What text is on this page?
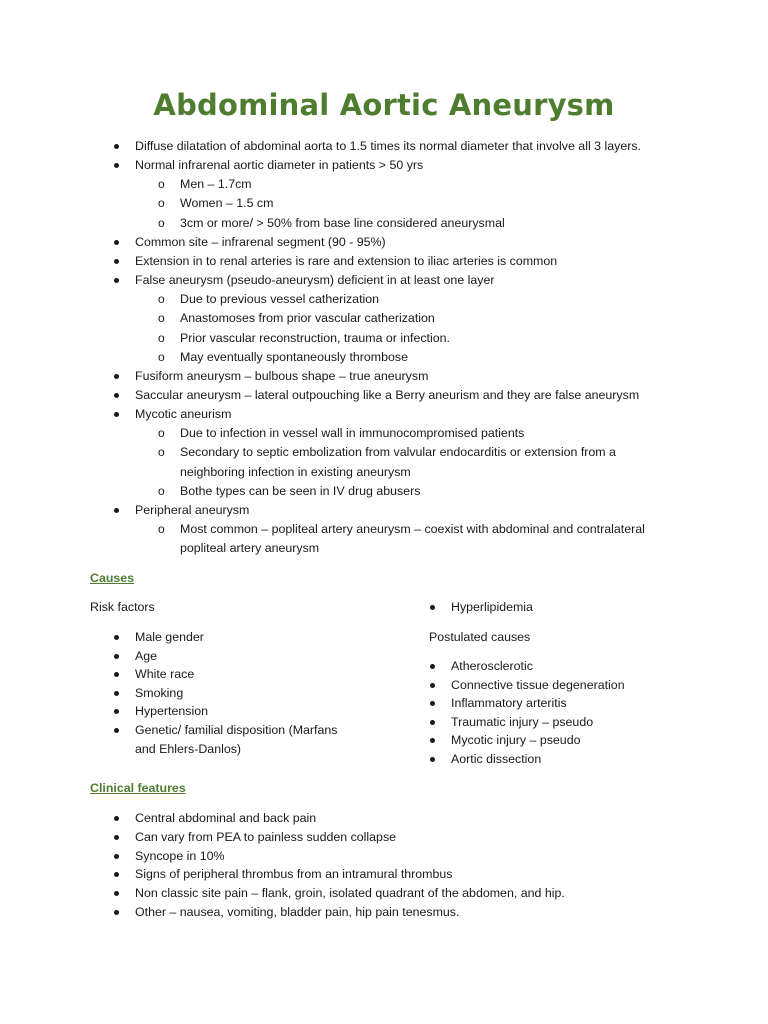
Abdominal Aortic Aneurysm
Diffuse dilatation of abdominal aorta to 1.5 times its normal diameter that involve all 3 layers.
Normal infrarenal aortic diameter in patients > 50 yrs
o Men – 1.7cm
o Women – 1.5 cm
o 3cm or more/ > 50% from base line considered aneurysmal
Common site – infrarenal segment (90 - 95%)
Extension in to renal arteries is rare and extension to iliac arteries is common
False aneurysm (pseudo-aneurysm) deficient in at least one layer
o Due to previous vessel catherization
o Anastomoses from prior vascular catherization
o Prior vascular reconstruction, trauma or infection.
o May eventually spontaneously thrombose
Fusiform aneurysm – bulbous shape – true aneurysm
Saccular aneurysm – lateral outpouching like a Berry aneurism and they are false aneurysm
Mycotic aneurism
o Due to infection in vessel wall in immunocompromised patients
o Secondary to septic embolization from valvular endocarditis or extension from a
neighboring infection in existing aneurysm
o Bothe types can be seen in IV drug abusers
Peripheral aneurysm
o Most common – popliteal artery aneurysm – coexist with abdominal and contralateral
popliteal artery aneurysm
Causes
Risk factors
Male gender
Age
White race
Smoking
Hypertension
Genetic/ familial disposition (Marfans
and Ehlers-Danlos)
Hyperlipidemia
Postulated causes
Atherosclerotic
Connective tissue degeneration
Inflammatory arteritis
Traumatic injury – pseudo
Mycotic injury – pseudo
Aortic dissection
Clinical features
Central abdominal and back pain
Can vary from PEA to painless sudden collapse
Syncope in 10%
Signs of peripheral thrombus from an intramural thrombus
Non classic site pain – flank, groin, isolated quadrant of the abdomen, and hip.
Other – nausea, vomiting, bladder pain, hip pain tenesmus.
